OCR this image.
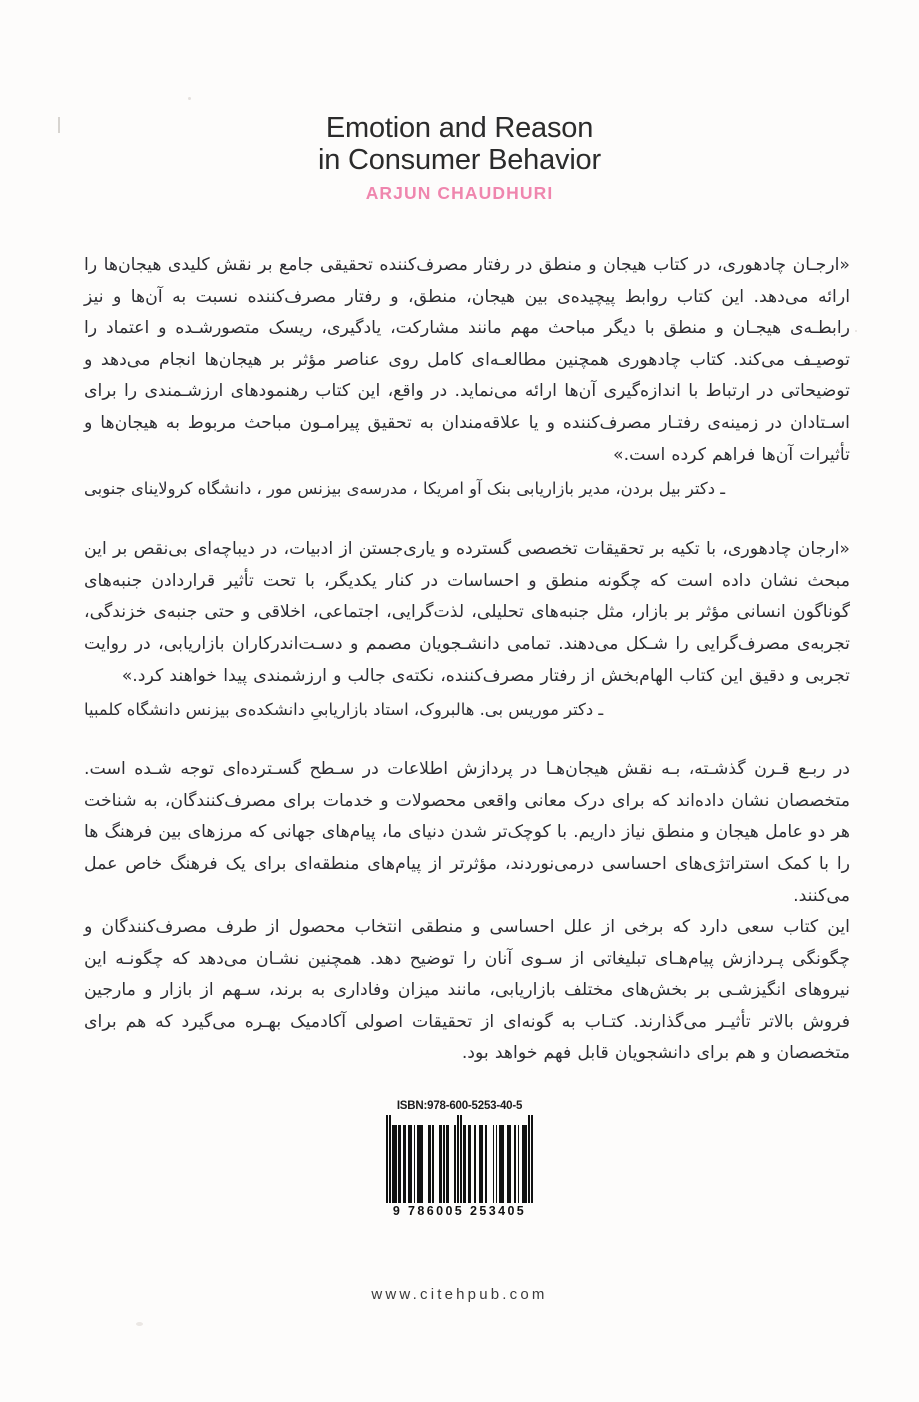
Emotion and Reason
in Consumer Behavior
ARJUN CHAUDHURI

«ارجـان چادهوری، در کتاب هیجان و منطق در رفتار مصرف‌کننده تحقیقی جامع بر نقش کلیدی هیجان‌ها را ارائه می‌دهد. این کتاب روابط پیچیده‌ی بین هیجان، منطق، و رفتار مصرف‌کننده نسبت به آن‌ها و نیز رابطـه‌ی هیجـان و منطق با دیگر مباحث مهم مانند مشارکت، یادگیری، ریسک متصورشـده و اعتماد را توصیـف می‌کند. کتاب چادهوری همچنین مطالعـه‌ای کامل روی عناصر مؤثر بر هیجان‌ها انجام می‌دهد و توضیحاتی در ارتباط با اندازه‌گیری آن‌ها ارائه می‌نماید. در واقع، این کتاب رهنمودهای ارزشـمندی را برای اسـتادان در زمینه‌ی رفتـار مصرف‌کننده و یا علاقه‌مندان به تحقیق پیرامـون مباحث مربوط به هیجان‌ها و تأثیرات آن‌ها فراهم کرده است.»

ـ دکتر بیل بردن، مدیر بازاریابی بنک آو امریکا ، مدرسه‌ی بیزنس مور ، دانشگاه کرولاینای جنوبی

«ارجان چادهوری، با تکیه بر تحقیقات تخصصی گسترده و یاری‌جستن از ادبیات، در دیباچه‌ای بی‌نقص بر این مبحث نشان داده است که چگونه منطق و احساسات در کنار یکدیگر، با تحت تأثیر قراردادن جنبه‌های گوناگون انسانی مؤثر بر بازار، مثل جنبه‌های تحلیلی، لذت‌گرایی، اجتماعی، اخلاقی و حتی جنبه‌ی خزندگی، تجربه‌ی مصرف‌گرایی را شـکل می‌دهند. تمامی دانشـجویان مصمم و دسـت‌اندرکاران بازاریابی، در روایت تجربی و دقیق این کتاب الهام‌بخش از رفتار مصرف‌کننده، نکته‌ی جالب و ارزشمندی پیدا خواهند کرد.»

ـ دکتر موریس بی. هالبروک، استاد بازاریابیِ دانشکده‌ی بیزنس دانشگاه کلمبیا

در ربـع قـرن گذشـته، بـه نقش هیجان‌هـا در پردازش اطلاعات در سـطح گسـترده‌ای توجه شـده است. متخصصان نشان داده‌اند که برای درک معانی واقعی محصولات و خدمات برای مصرف‌کنندگان، به شناخت هر دو عامل هیجان و منطق نیاز داریم. با کوچک‌تر شدن دنیای ما، پیام‌های جهانی که مرزهای بین فرهنگ ها را با کمک استراتژی‌های احساسی درمی‌نوردند، مؤثرتر از پیام‌های منطقه‌ای برای یک فرهنگ خاص عمل می‌کنند.

این کتاب سعی دارد که برخی از علل احساسی و منطقی انتخاب محصول از طرف مصرف‌کنندگان و چگونگی پـردازش پیام‌هـای تبلیغاتی از سـوی آنان را توضیح دهد. همچنین نشـان می‌دهد که چگونـه این نیروهای انگیزشـی بر بخش‌های مختلف بازاریابی، مانند میزان وفاداری به برند، سـهم از بازار و مارجین فروش بالاتر تأثیـر می‌گذارند. کتـاب به گونه‌ای از تحقیقات اصولی آکادمیک بهـره می‌گیرد که هم برای متخصصان و هم برای دانشجویان قابل فهم خواهد بود.

ISBN:978-600-5253-40-5
9 786005 253405
www.citehpub.com
